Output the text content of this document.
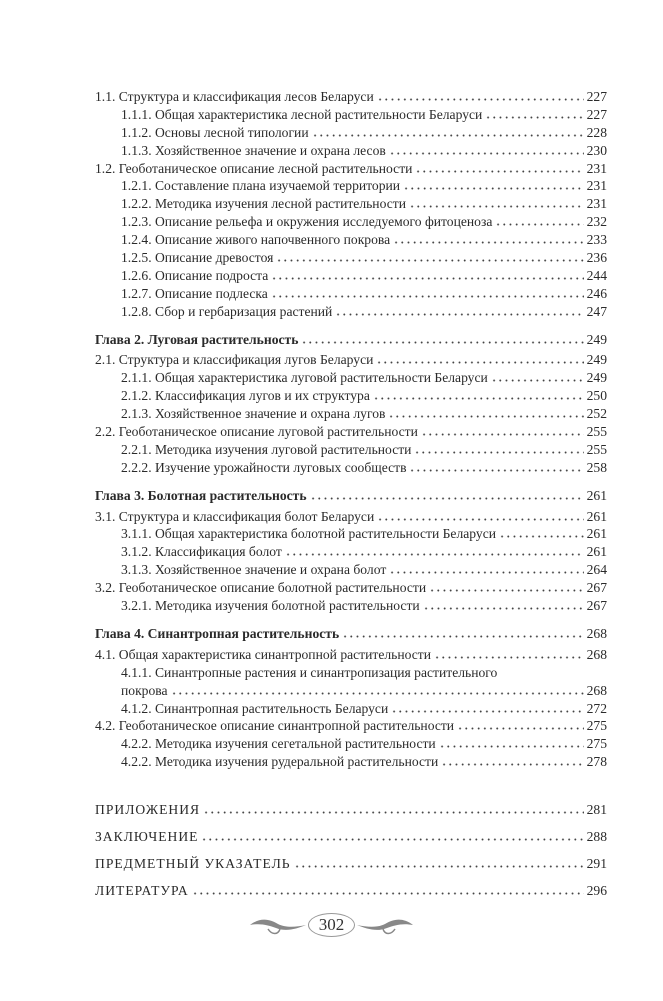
1.1. Структура и классификация лесов Беларуси	227
1.1.1. Общая характеристика лесной растительности Беларуси	227
1.1.2. Основы лесной типологии	228
1.1.3. Хозяйственное значение и охрана лесов	230
1.2. Геоботаническое описание лесной растительности	231
1.2.1. Составление плана изучаемой территории	231
1.2.2. Методика изучения лесной растительности	231
1.2.3. Описание рельефа и окружения исследуемого фитоценоза	232
1.2.4. Описание живого напочвенного покрова	233
1.2.5. Описание древостоя	236
1.2.6. Описание подроста	244
1.2.7. Описание подлеска	246
1.2.8. Сбор и гербаризация растений	247
Глава 2. Луговая растительность	249
2.1. Структура и классификация лугов Беларуси	249
2.1.1. Общая характеристика луговой растительности Беларуси	249
2.1.2. Классификация лугов и их структура	250
2.1.3. Хозяйственное значение и охрана лугов	252
2.2. Геоботаническое описание луговой растительности	255
2.2.1. Методика изучения луговой растительности	255
2.2.2. Изучение урожайности луговых сообществ	258
Глава 3. Болотная растительность	261
3.1. Структура и классификация болот Беларуси	261
3.1.1. Общая характеристика болотной растительности Беларуси	261
3.1.2. Классификация болот	261
3.1.3. Хозяйственное значение и охрана болот	264
3.2. Геоботаническое описание болотной растительности	267
3.2.1. Методика изучения болотной растительности	267
Глава 4. Синантропная растительность	268
4.1. Общая характеристика синантропной растительности	268
4.1.1. Синантропные растения и синантропизация растительного
покрова	268
4.1.2. Синантропная растительность Беларуси	272
4.2. Геоботаническое описание синантропной растительности	275
4.2.2. Методика изучения сегетальной растительности	275
4.2.2. Методика изучения рудеральной растительности	278
ПРИЛОЖЕНИЯ	281
ЗАКЛЮЧЕНИЕ	288
ПРЕДМЕТНЫЙ УКАЗАТЕЛЬ	291
ЛИТЕРАТУРА	296
302
